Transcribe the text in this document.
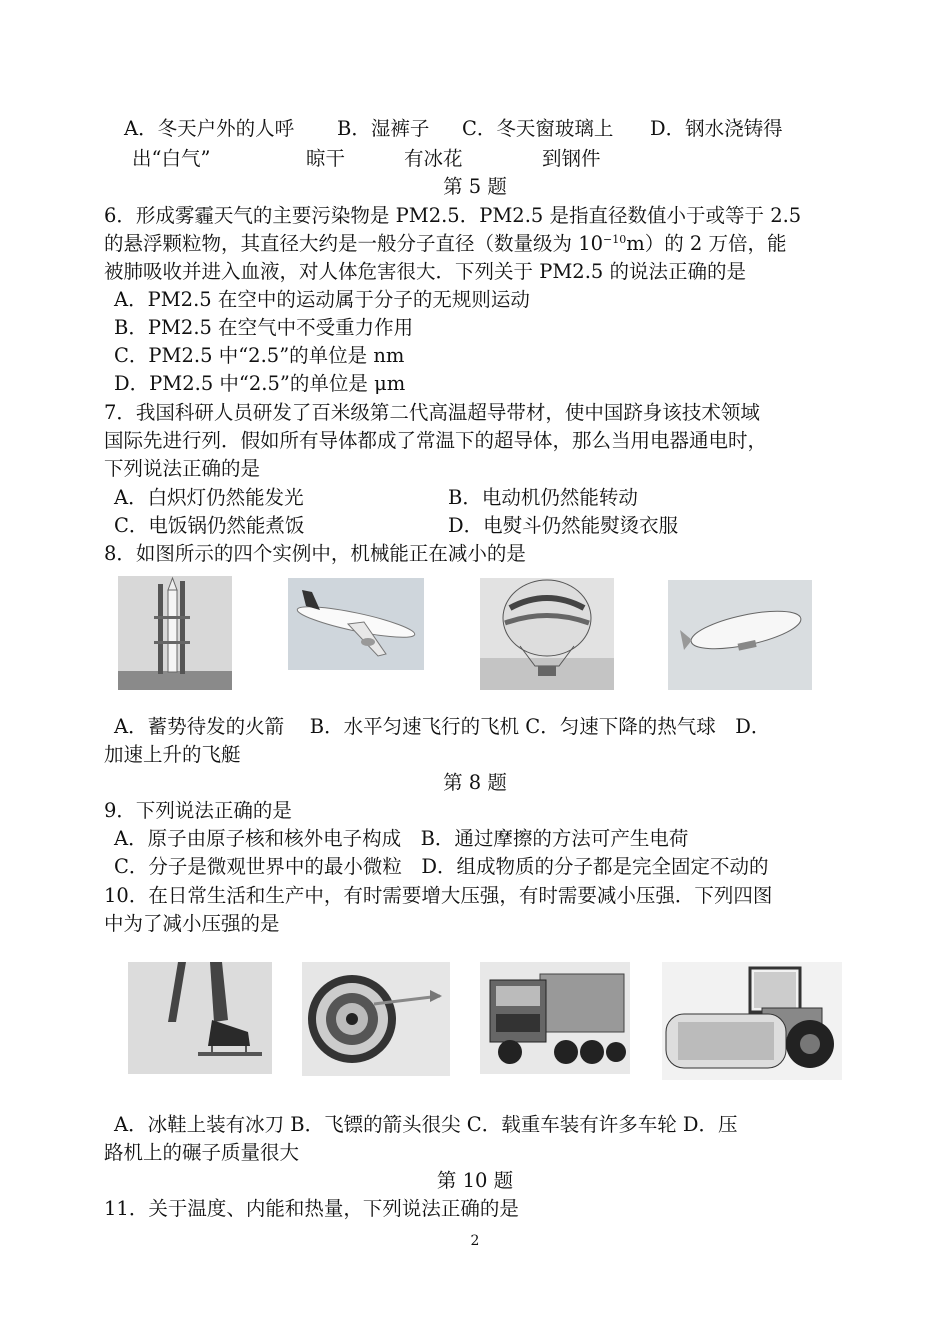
A．冬天户外的人呼
出“白气”
B．湿裤子
晾干
C．冬天窗玻璃上
有冰花
D．钢水浇铸得
到钢件
第 5 题
6．形成雾霾天气的主要污染物是 PM2.5．PM2.5 是指直径数值小于或等于 2.5
的悬浮颗粒物，其直径大约是一般分子直径（数量级为 $10^{-10}m$）的 2 万倍，能
被肺吸收并进入血液，对人体危害很大．下列关于 PM2.5 的说法正确的是
A．PM2.5 在空中的运动属于分子的无规则运动
B．PM2.5 在空气中不受重力作用
C．PM2.5 中“2.5”的单位是 nm
D．PM2.5 中“2.5”的单位是 μm
7．我国科研人员研发了百米级第二代高温超导带材，使中国跻身该技术领域
国际先进行列．假如所有导体都成了常温下的超导体，那么当用电器通电时，
下列说法正确的是
A．白炽灯仍然能发光	B．电动机仍然能转动
C．电饭锅仍然能煮饭	D．电熨斗仍然能熨烫衣服
8．如图所示的四个实例中，机械能正在减小的是
A．蓄势待发的火箭　 B．水平匀速飞行的飞机 C．匀速下降的热气球　D．
加速上升的飞艇
第 8 题
9．下列说法正确的是
A．原子由原子核和核外电子构成　B．通过摩擦的方法可产生电荷
C．分子是微观世界中的最小微粒　D．组成物质的分子都是完全固定不动的
10．在日常生活和生产中，有时需要增大压强，有时需要减小压强．下列四图
中为了减小压强的是
A．冰鞋上装有冰刀 B．飞镖的箭头很尖 C．载重车装有许多车轮 D．压
路机上的碾子质量很大
第 10 题
11．关于温度、内能和热量，下列说法正确的是
2
